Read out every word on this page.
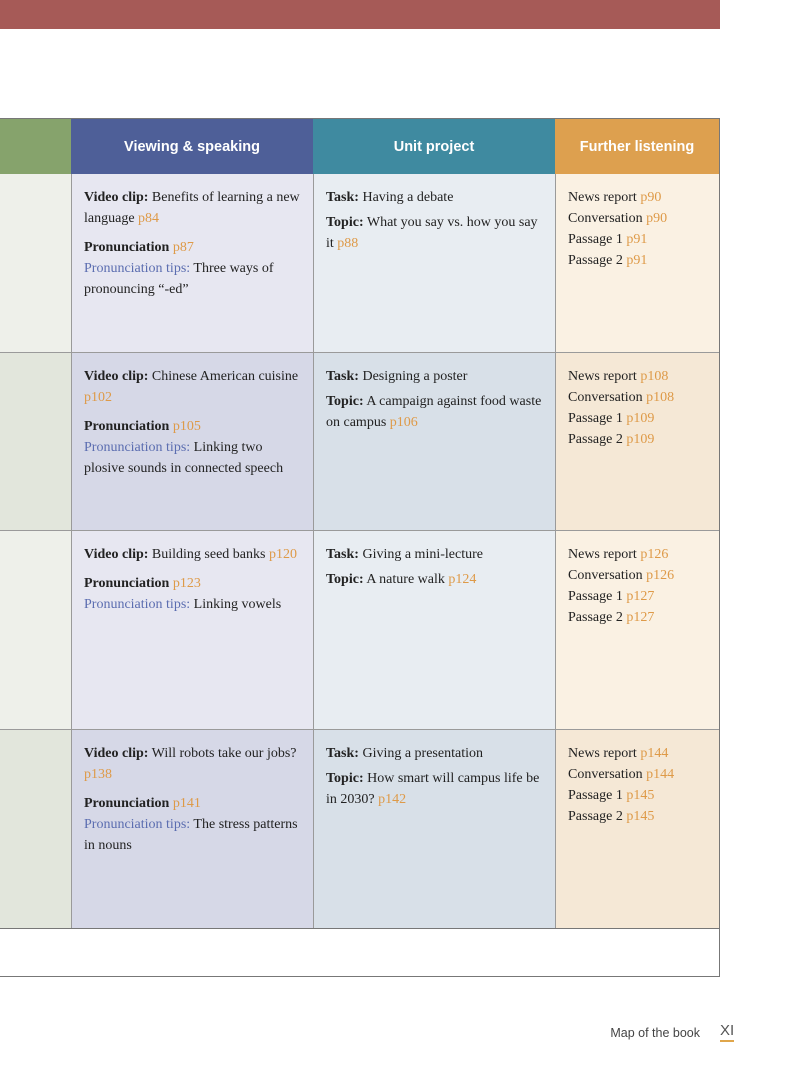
Viewing & speaking	Unit project	Further listening

Video clip: Benefits of learning a new language p84

Pronunciation p87

Pronunciation tips: Three ways of pronouncing “-ed”

Task: Having a debate

Topic: What you say vs. how you say it p88

News report p90

Conversation p90

Passage 1 p91

Passage 2 p91

Video clip: Chinese American cuisine p102

Pronunciation p105

Pronunciation tips: Linking two plosive sounds in connected speech

Task: Designing a poster

Topic: A campaign against food waste on campus p106

News report p108

Conversation p108

Passage 1 p109

Passage 2 p109

Video clip: Building seed banks p120

Pronunciation p123

Pronunciation tips: Linking vowels

Task: Giving a mini-lecture

Topic: A nature walk p124

News report p126

Conversation p126

Passage 1 p127

Passage 2 p127

Video clip: Will robots take our jobs? p138

Pronunciation p141

Pronunciation tips: The stress patterns in nouns

Task: Giving a presentation

Topic: How smart will campus life be in 2030? p142

News report p144

Conversation p144

Passage 1 p145

Passage 2 p145

Map of the book XI
